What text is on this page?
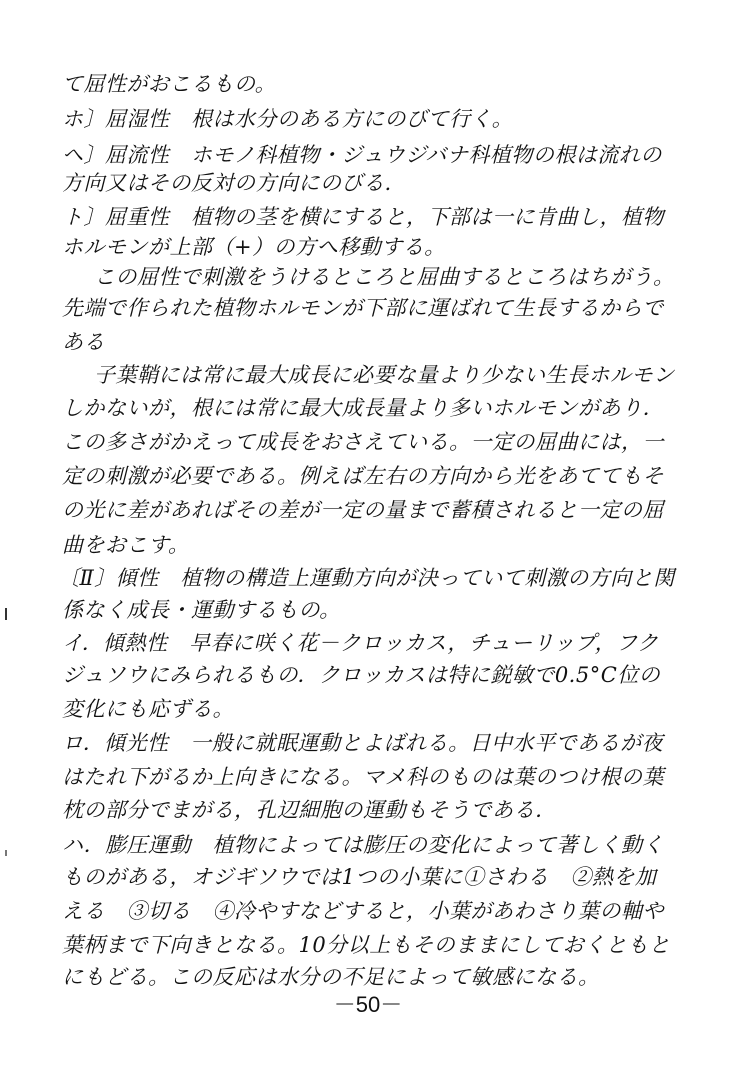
て屈性がおこるもの。
ホ〕屈湿性　根は水分のある方にのびて行く。
ヘ〕屈流性　ホモノ科植物・ジュウジバナ科植物の根は流れの
方向又はその反対の方向にのびる.
ト〕屈重性　植物の茎を横にすると，下部は一に肯曲し，植物
ホルモンが上部（+）の方へ移動する。
この屈性で刺激をうけるところと屈曲するところはちがう。
先端で作られた植物ホルモンが下部に運ばれて生長するからで
ある
子葉鞘には常に最大成長に必要な量より少ない生長ホルモン
しかないが，根には常に最大成長量より多いホルモンがあり．
この多さがかえって成長をおさえている。一定の屈曲には，一
定の刺激が必要である。例えば左右の方向から光をあててもそ
の光に差があればその差が一定の量まで蓄積されると一定の屈
曲をおこす。
〔Ⅱ〕傾性　植物の構造上運動方向が決っていて刺激の方向と関
係なく成長・運動するもの。
イ．傾熱性　早春に咲く花－クロッカス，チューリップ，フク
ジュソウにみられるもの．クロッカスは特に鋭敏で0.5°C位の
変化にも応ずる。
ロ．傾光性　一般に就眠運動とよばれる。日中水平であるが夜
はたれ下がるか上向きになる。マメ科のものは葉のつけ根の葉
枕の部分でまがる，孔辺細胞の運動もそうである．
ハ．膨圧運動　植物によっては膨圧の変化によって著しく動く
ものがある，オジギソウでは1つの小葉に①さわる　②熱を加
える　③切る　④冷やすなどすると，小葉があわさり葉の軸や
葉柄まで下向きとなる。10分以上もそのままにしておくともと
にもどる。この反応は水分の不足によって敏感になる。
－50－
